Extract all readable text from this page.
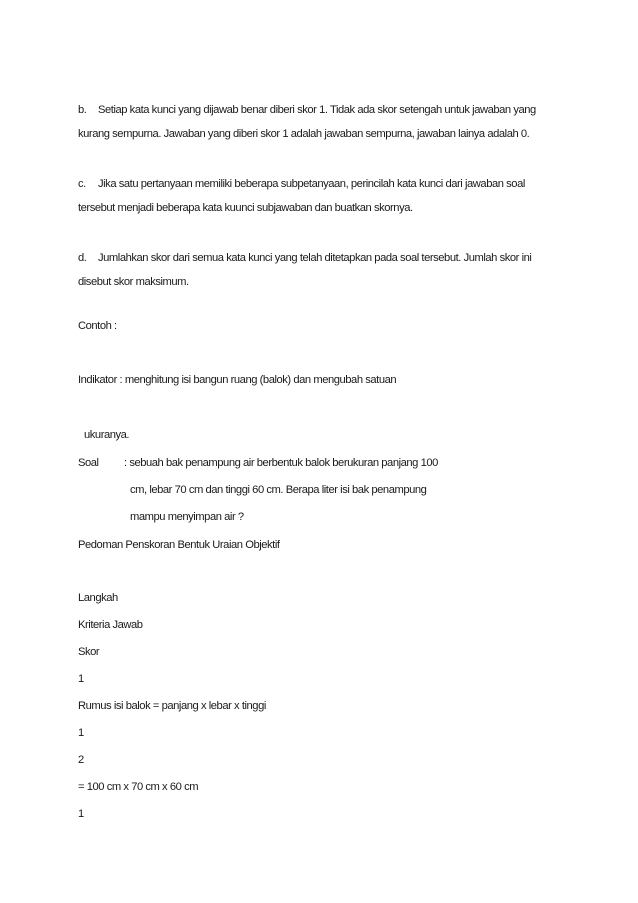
b. Setiap kata kunci yang dijawab benar diberi skor 1. Tidak ada skor setengah untuk jawaban yang
kurang sempurna. Jawaban yang diberi skor 1 adalah jawaban sempurna, jawaban lainya adalah 0.
c. Jika satu pertanyaan memiliki beberapa subpetanyaan, perincilah kata kunci dari jawaban soal
tersebut menjadi beberapa kata kuunci subjawaban dan buatkan skornya.
d. Jumlahkan skor dari semua kata kunci yang telah ditetapkan pada soal tersebut. Jumlah skor ini
disebut skor maksimum.
Contoh :
Indikator : menghitung isi bangun ruang (balok) dan mengubah satuan
ukuranya.
Soal : sebuah bak penampung air berbentuk balok berukuran panjang 100
cm, lebar 70 cm dan tinggi 60 cm. Berapa liter isi bak penampung
mampu menyimpan air ?
Pedoman Penskoran Bentuk Uraian Objektif
Langkah
Kriteria Jawab
Skor
1
Rumus isi balok = panjang x lebar x tinggi
1
2
= 100 cm x 70 cm x 60 cm
1
